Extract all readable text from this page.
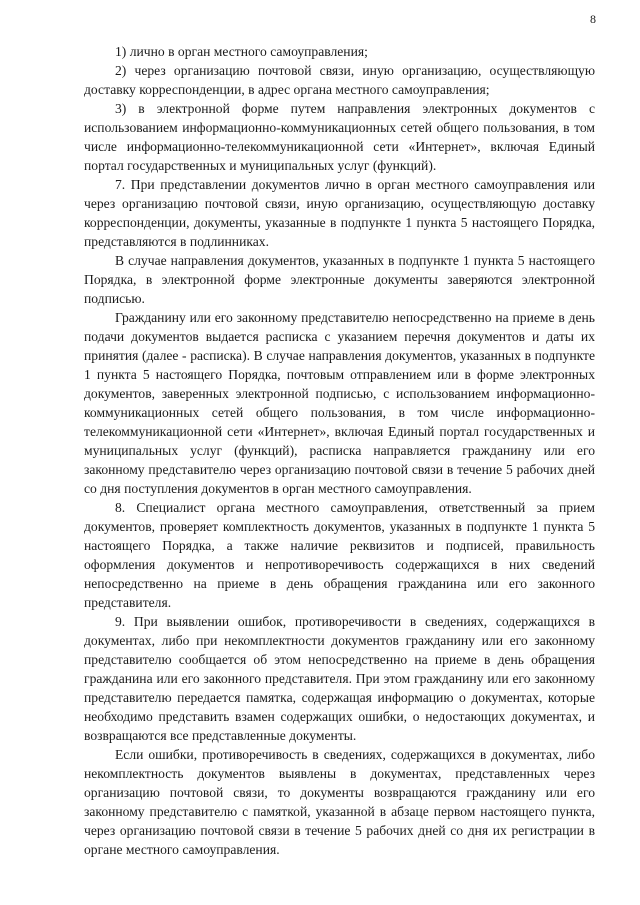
8

1) лично в орган местного самоуправления;

2) через организацию почтовой связи, иную организацию, осуществляющую доставку корреспонденции, в адрес органа местного самоуправления;

3) в электронной форме путем направления электронных документов с использованием информационно-коммуникационных сетей общего пользования, в том числе информационно-телекоммуникационной сети «Интернет», включая Единый портал государственных и муниципальных услуг (функций).

7. При представлении документов лично в орган местного самоуправления или через организацию почтовой связи, иную организацию, осуществляющую доставку корреспонденции, документы, указанные в подпункте 1 пункта 5 настоящего Порядка, представляются в подлинниках.

В случае направления документов, указанных в подпункте 1 пункта 5 настоящего Порядка, в электронной форме электронные документы заверяются электронной подписью.

Гражданину или его законному представителю непосредственно на приеме в день подачи документов выдается расписка с указанием перечня документов и даты их принятия (далее - расписка). В случае направления документов, указанных в подпункте 1 пункта 5 настоящего Порядка, почтовым отправлением или в форме электронных документов, заверенных электронной подписью, с использованием информационно-коммуникационных сетей общего пользования, в том числе информационно-телекоммуникационной сети «Интернет», включая Единый портал государственных и муниципальных услуг (функций), расписка направляется гражданину или его законному представителю через организацию почтовой связи в течение 5 рабочих дней со дня поступления документов в орган местного самоуправления.

8. Специалист органа местного самоуправления, ответственный за прием документов, проверяет комплектность документов, указанных в подпункте 1 пункта 5 настоящего Порядка, а также наличие реквизитов и подписей, правильность оформления документов и непротиворечивость содержащихся в них сведений непосредственно на приеме в день обращения гражданина или его законного представителя.

9. При выявлении ошибок, противоречивости в сведениях, содержащихся в документах, либо при некомплектности документов гражданину или его законному представителю сообщается об этом непосредственно на приеме в день обращения гражданина или его законного представителя. При этом гражданину или его законному представителю передается памятка, содержащая информацию о документах, которые необходимо представить взамен содержащих ошибки, о недостающих документах, и возвращаются все представленные документы.

Если ошибки, противоречивость в сведениях, содержащихся в документах, либо некомплектность документов выявлены в документах, представленных через организацию почтовой связи, то документы возвращаются гражданину или его законному представителю с памяткой, указанной в абзаце первом настоящего пункта, через организацию почтовой связи в течение 5 рабочих дней со дня их регистрации в органе местного самоуправления.
